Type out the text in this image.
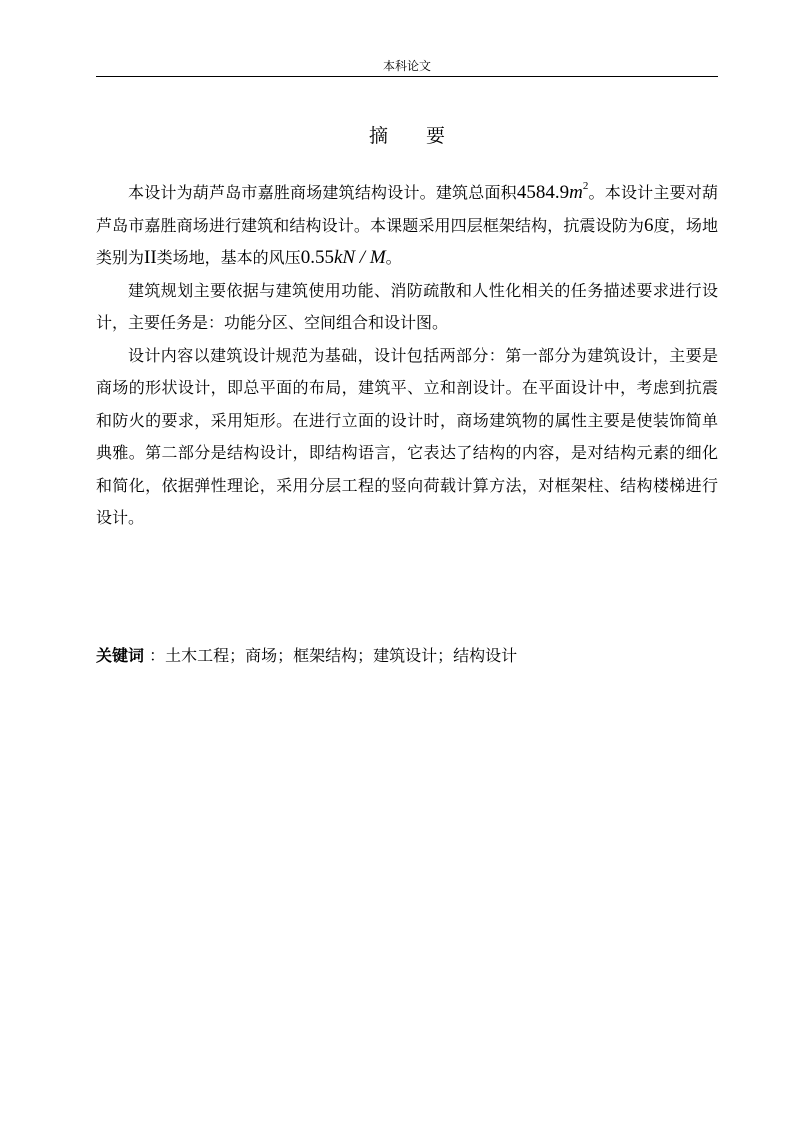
本科论文
摘 要

本设计为葫芦岛市嘉胜商场建筑结构设计。建筑总面积$4584.9m^2$。本设计主要对葫芦岛市嘉胜商场进行建筑和结构设计。本课题采用四层框架结构，抗震设防为6度，场地类别为II类场地，基本的风压0.55kN / M。

建筑规划主要依据与建筑使用功能、消防疏散和人性化相关的任务描述要求进行设计，主要任务是：功能分区、空间组合和设计图。

设计内容以建筑设计规范为基础，设计包括两部分：第一部分为建筑设计，主要是商场的形状设计，即总平面的布局，建筑平、立和剖设计。在平面设计中，考虑到抗震和防火的要求，采用矩形。在进行立面的设计时，商场建筑物的属性主要是使装饰简单典雅。第二部分是结构设计，即结构语言，它表达了结构的内容，是对结构元素的细化和简化，依据弹性理论，采用分层工程的竖向荷载计算方法，对框架柱、结构楼梯进行设计。

关键词 ：土木工程；商场；框架结构；建筑设计；结构设计
